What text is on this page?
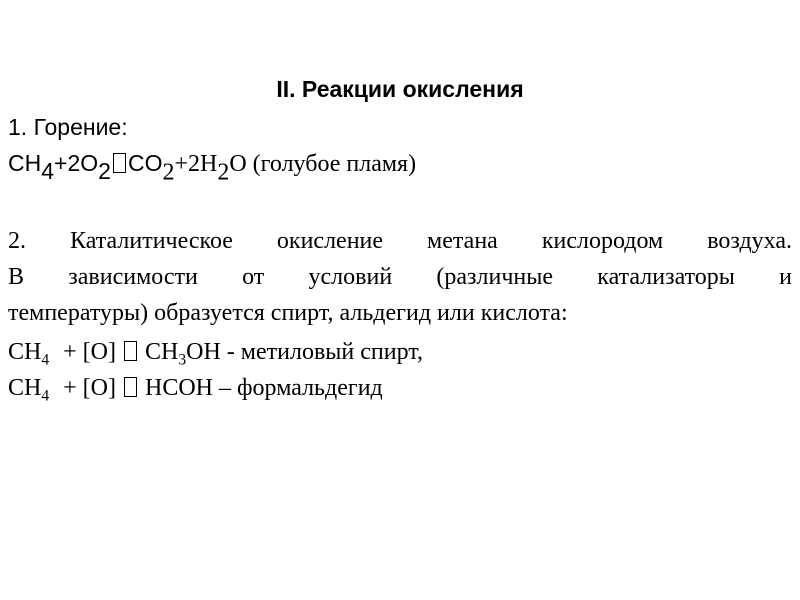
II. Реакции окисления
1. Горение:
$CH_4+2O_2$ $CO_2+2H_2O$ (голубое пламя)
2. Каталитическое окисление метана кислородом воздуха.
В зависимости от условий (различные катализаторы и
температуры) образуется спирт, альдегид или кислота:
$CH_4 + [O]$ $CH_3OH$ - метиловый спирт,
$CH_4 + [O]$ HCOH – формальдегид
